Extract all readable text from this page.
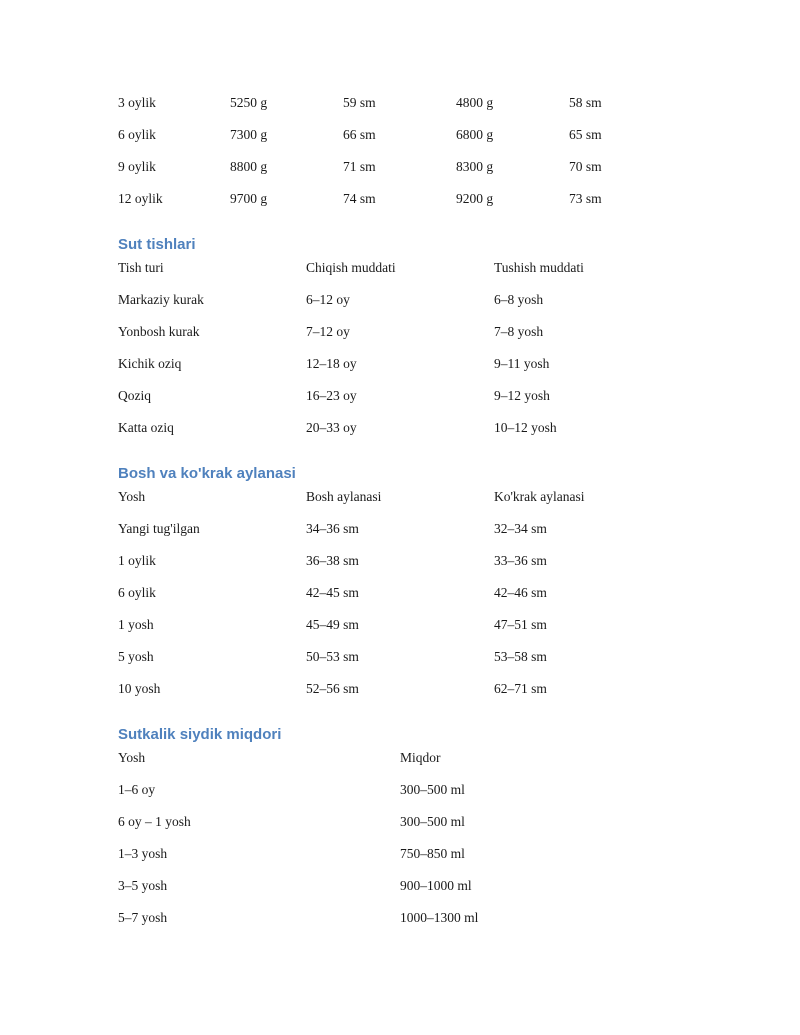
3 oylik	5250 g	59 sm	4800 g	58 sm
6 oylik	7300 g	66 sm	6800 g	65 sm
9 oylik	8800 g	71 sm	8300 g	70 sm
12 oylik	9700 g	74 sm	9200 g	73 sm
Sut tishlari
Tish turi	Chiqish muddati	Tushish muddati
Markaziy kurak	6–12 oy	6–8 yosh
Yonbosh kurak	7–12 oy	7–8 yosh
Kichik oziq	12–18 oy	9–11 yosh
Qoziq	16–23 oy	9–12 yosh
Katta oziq	20–33 oy	10–12 yosh
Bosh va ko'krak aylanasi
Yosh	Bosh aylanasi	Ko'krak aylanasi
Yangi tug'ilgan	34–36 sm	32–34 sm
1 oylik	36–38 sm	33–36 sm
6 oylik	42–45 sm	42–46 sm
1 yosh	45–49 sm	47–51 sm
5 yosh	50–53 sm	53–58 sm
10 yosh	52–56 sm	62–71 sm
Sutkalik siydik miqdori
Yosh	Miqdor
1–6 oy	300–500 ml
6 oy – 1 yosh	300–500 ml
1–3 yosh	750–850 ml
3–5 yosh	900–1000 ml
5–7 yosh	1000–1300 ml
